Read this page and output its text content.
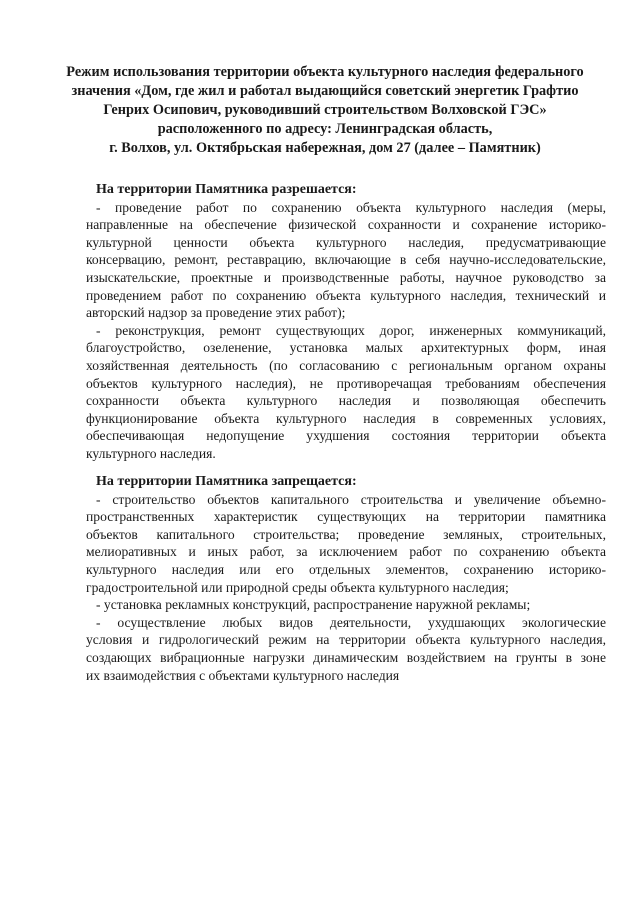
Режим использования территории объекта культурного наследия федерального
значения «Дом, где жил и работал выдающийся советский энергетик Графтио
Генрих Осипович, руководивший строительством Волховской ГЭС»
расположенного по адресу: Ленинградская область,
г. Волхов, ул. Октябрьская набережная, дом 27 (далее – Памятник)
На территории Памятника разрешается:
- проведение работ по сохранению объекта культурного наследия (меры,
направленные на обеспечение физической сохранности и сохранение историко-
культурной ценности объекта культурного наследия, предусматривающие
консервацию, ремонт, реставрацию, включающие в себя научно-исследовательские,
изыскательские, проектные и производственные работы, научное руководство за
проведением работ по сохранению объекта культурного наследия, технический и
авторский надзор за проведение этих работ);
- реконструкция, ремонт существующих дорог, инженерных коммуникаций,
благоустройство, озеленение, установка малых архитектурных форм, иная
хозяйственная деятельность (по согласованию с региональным органом охраны
объектов культурного наследия), не противоречащая требованиям обеспечения
сохранности объекта культурного наследия и позволяющая обеспечить
функционирование объекта культурного наследия в современных условиях,
обеспечивающая недопущение ухудшения состояния территории объекта
культурного наследия.
На территории Памятника запрещается:
- строительство объектов капитального строительства и увеличение объемно-
пространственных характеристик существующих на территории памятника
объектов капитального строительства; проведение земляных, строительных,
мелиоративных и иных работ, за исключением работ по сохранению объекта
культурного наследия или его отдельных элементов, сохранению историко-
градостроительной или природной среды объекта культурного наследия;
- установка рекламных конструкций, распространение наружной рекламы;
- осуществление любых видов деятельности, ухудшающих экологические
условия и гидрологический режим на территории объекта культурного наследия,
создающих вибрационные нагрузки динамическим воздействием на грунты в зоне
их взаимодействия с объектами культурного наследия
